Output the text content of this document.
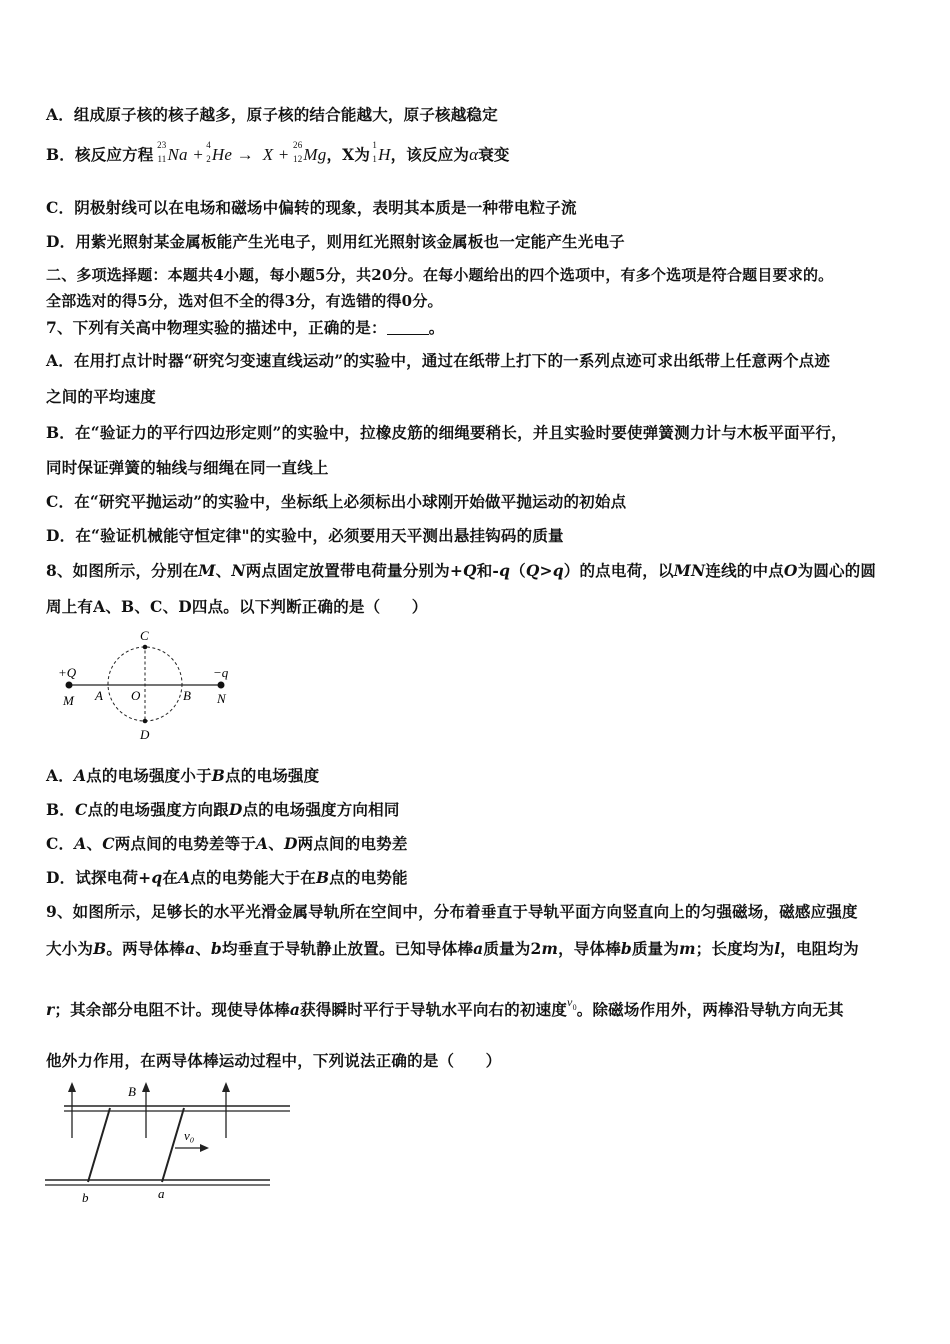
A．组成原子核的核子越多，原子核的结合能越大，原子核越稳定
B．核反应方程 23
11 Na + 4
2 He → X + 26
12 Mg，X为 1
1 H，该反应为α衰变
C．阴极射线可以在电场和磁场中偏转的现象，表明其本质是一种带电粒子流
D．用紫光照射某金属板能产生光电子，则用红光照射该金属板也一定能产生光电子
二、多项选择题：本题共4小题，每小题5分，共20分。在每小题给出的四个选项中，有多个选项是符合题目要求的。
全部选对的得5分，选对但不全的得3分，有选错的得0分。
7、下列有关高中物理实验的描述中，正确的是：	。
A．在用打点计时器“研究匀变速直线运动”的实验中，通过在纸带上打下的一系列点迹可求出纸带上任意两个点迹
之间的平均速度
B．在“验证力的平行四边形定则”的实验中，拉橡皮筋的细绳要稍长，并且实验时要使弹簧测力计与木板平面平行，
同时保证弹簧的轴线与细绳在同一直线上
C．在“研究平抛运动”的实验中，坐标纸上必须标出小球刚开始做平抛运动的初始点
D．在“验证机械能守恒定律"的实验中，必须要用天平测出悬挂钩码的质量
8、如图所示，分别在M、N两点固定放置带电荷量分别为+Q和-q（Q>q）的点电荷，以MN连线的中点O为圆心的圆
周上有A、B、C、D四点。以下判断正确的是（　　）
+Q	−q
M	N
A O	B
C
D
A．A点的电场强度小于B点的电场强度
B．C点的电场强度方向跟D点的电场强度方向相同
C．A、C两点间的电势差等于A、D两点间的电势差
D．试探电荷+q在A点的电势能大于在B点的电势能
9、如图所示，足够长的水平光滑金属导轨所在空间中，分布着垂直于导轨平面方向竖直向上的匀强磁场，磁感应强度
大小为B。两导体棒a、b均垂直于导轨静止放置。已知导体棒a质量为2m，导体棒b质量为m；长度均为l，电阻均为
r；其余部分电阻不计。现使导体棒a获得瞬时平行于导轨水平向右的初速度$^{v_0}$。除磁场作用外，两棒沿导轨方向无其
他外力作用，在两导体棒运动过程中，下列说法正确的是（　　）
B
v₀
b	a
